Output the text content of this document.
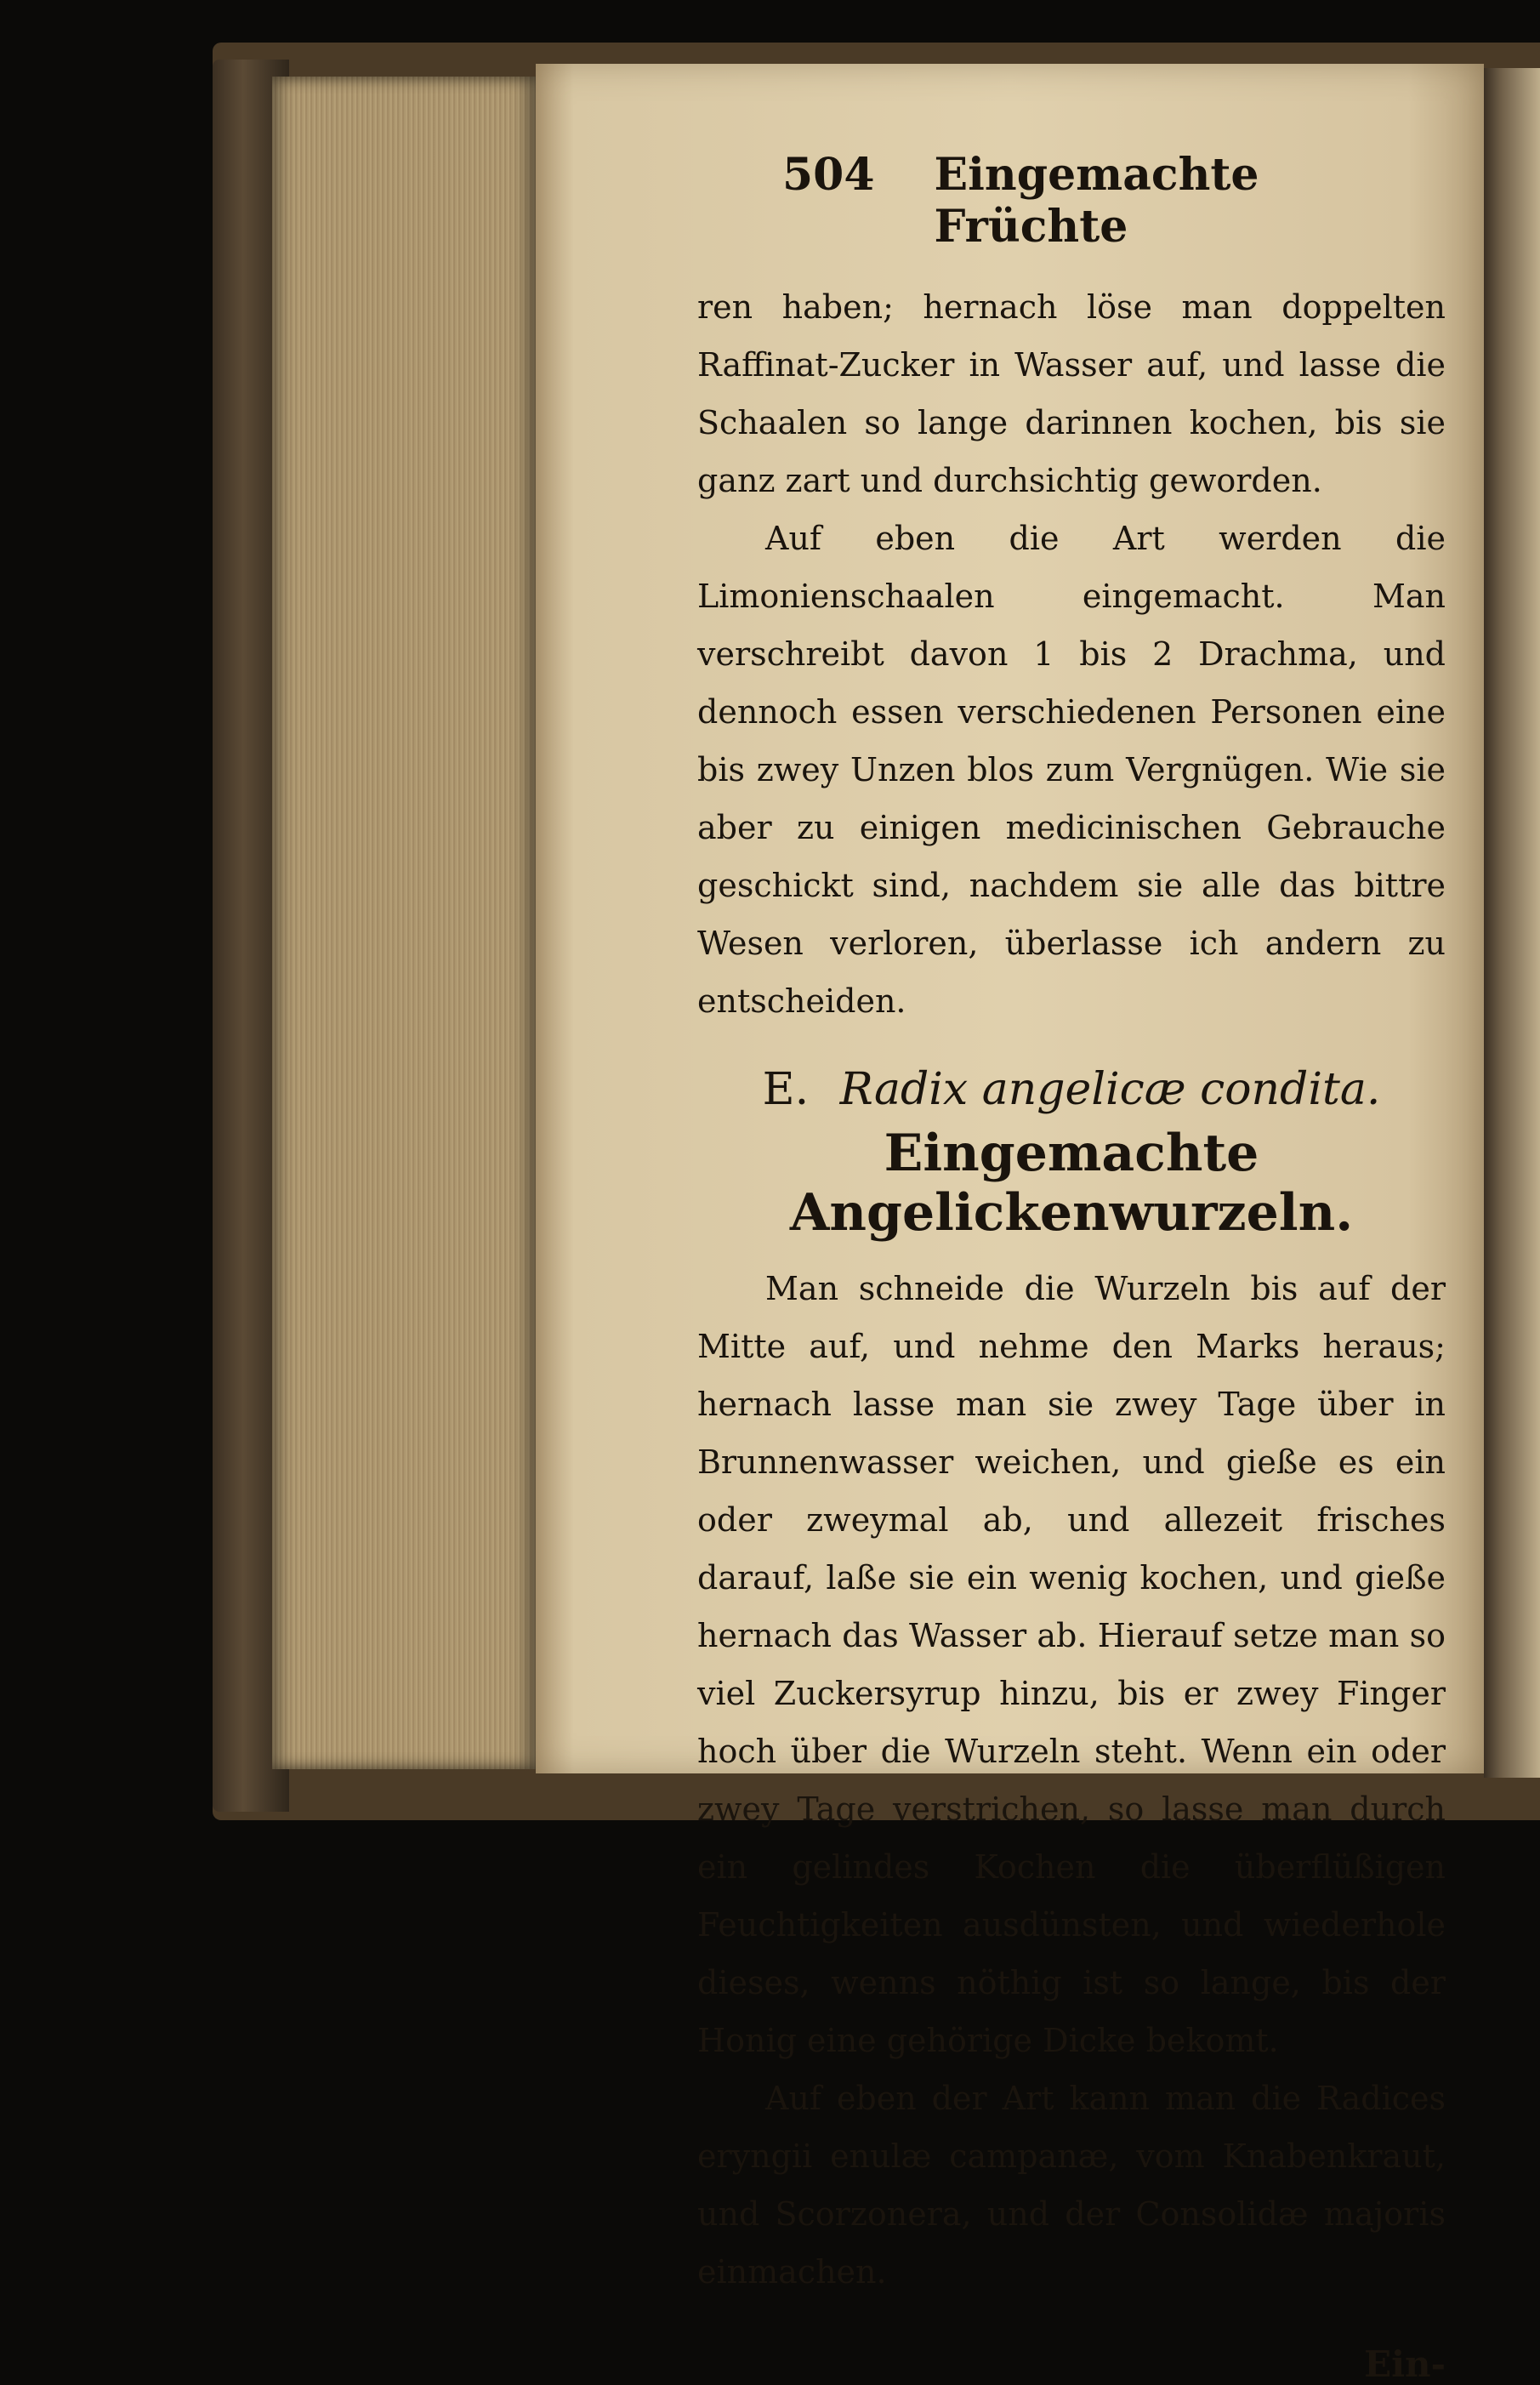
504 Eingemachte Früchte

ren haben; hernach löse man doppelten Raffinat-Zucker in Wasser auf, und lasse die Schaalen so lange darinnen kochen, bis sie ganz zart und durchsichtig geworden.

Auf eben die Art werden die Limonienschaalen eingemacht. Man verschreibt davon 1 bis 2 Drachma, und dennoch essen verschiedenen Personen eine bis zwey Unzen blos zum Vergnügen. Wie sie aber zu einigen medicinischen Gebrauche geschickt sind, nachdem sie alle das bittre Wesen verloren, überlasse ich andern zu entscheiden.

E. Radix angelicæ condita.
Eingemachte Angelickenwurzeln.

Man schneide die Wurzeln bis auf der Mitte auf, und nehme den Marks heraus; hernach lasse man sie zwey Tage über in Brunnenwasser weichen, und gieße es ein oder zweymal ab, und allezeit frisches darauf, laße sie ein wenig kochen, und gieße hernach das Wasser ab. Hierauf setze man so viel Zuckersyrup hinzu, bis er zwey Finger hoch über die Wurzeln steht. Wenn ein oder zwey Tage verstrichen, so lasse man durch ein gelindes Kochen die überflüßigen Feuchtigkeiten ausdünsten, und wiederhole dieses, wenns nöthig ist so lange, bis der Honig eine gehörige Dicke bekomt.

Auf eben der Art kann man die Radices eryngii enulæ campanæ, vom Knabenkraut, und Scorzonera, und der Consolidæ majoris einmachen.

Ein-
